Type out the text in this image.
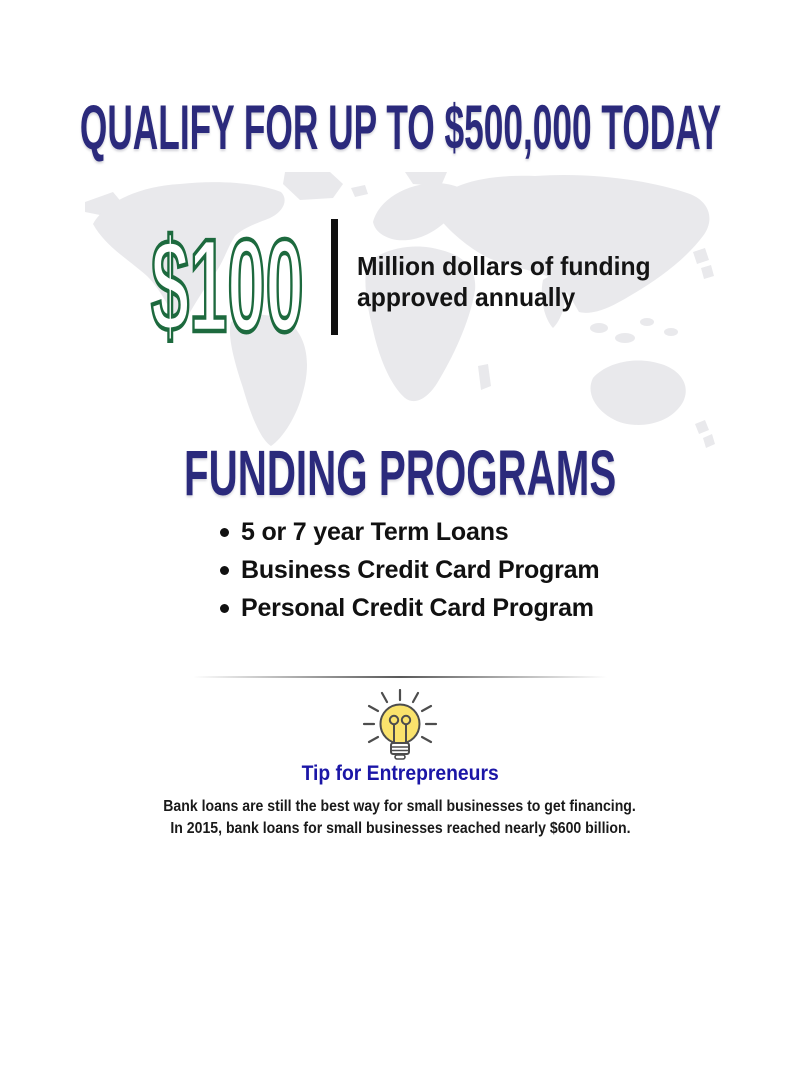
QUALIFY FOR UP TO $500,000 TODAY
$100 Million dollars of funding
approved annually
FUNDING PROGRAMS
5 or 7 year Term Loans
Business Credit Card Program
Personal Credit Card Program
Tip for Entrepreneurs
Bank loans are still the best way for small businesses to get financing.
In 2015, bank loans for small businesses reached nearly $600 billion.
